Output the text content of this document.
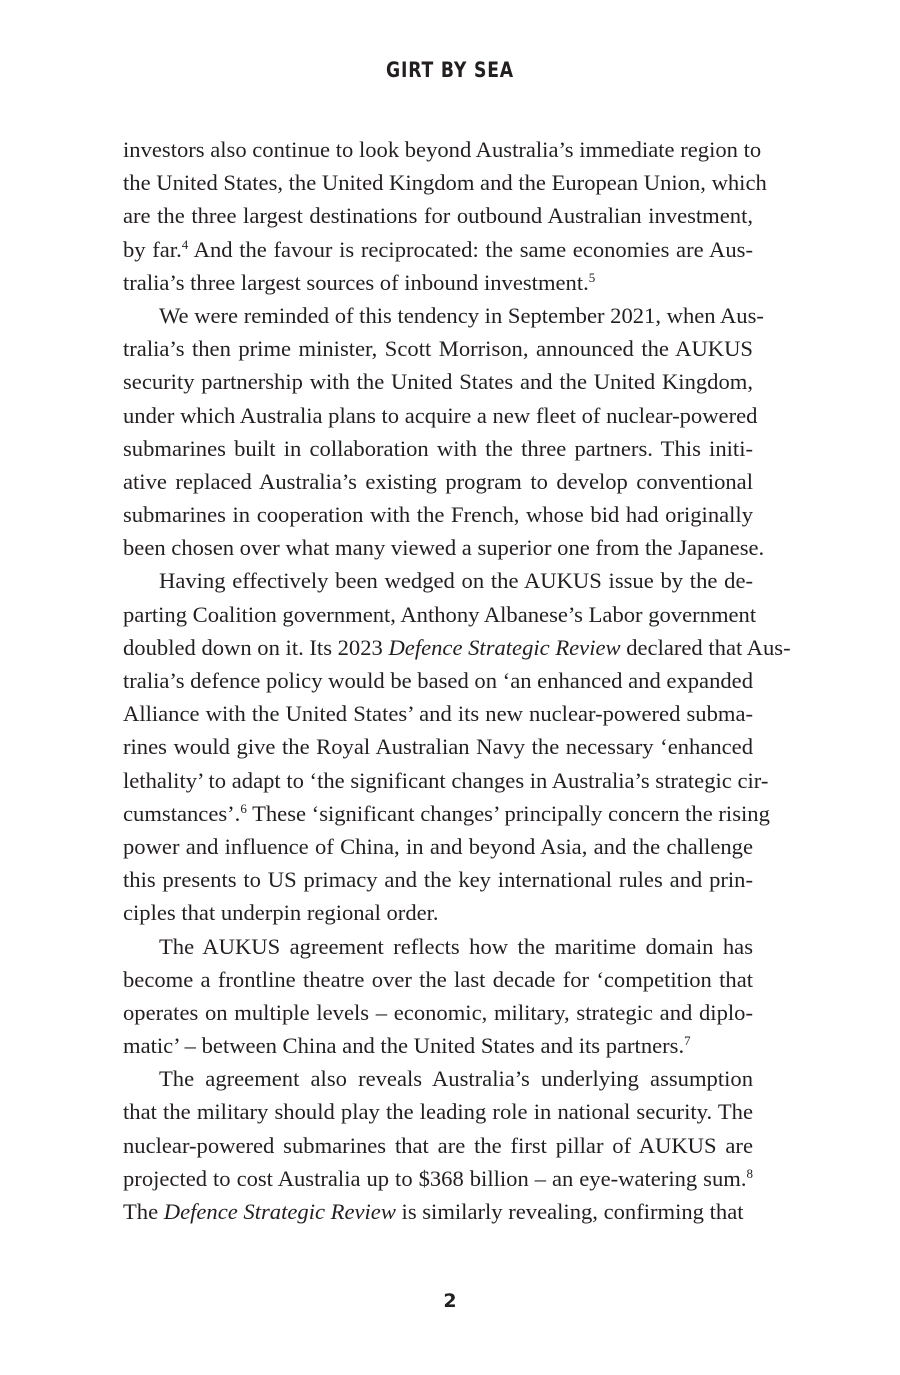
GIRT BY SEA
investors also continue to look beyond Australia’s immediate region to
the United States, the United Kingdom and the European Union, which
are the three largest destinations for outbound Australian investment,
by far.$^4$ And the favour is reciprocated: the same economies are Aus-
tralia’s three largest sources of inbound investment.$^5$
We were reminded of this tendency in September 2021, when Aus-
tralia’s then prime minister, Scott Morrison, announced the AUKUS
security partnership with the United States and the United Kingdom,
under which Australia plans to acquire a new fleet of nuclear-powered
submarines built in collaboration with the three partners. This initi-
ative replaced Australia’s existing program to develop conventional
submarines in cooperation with the French, whose bid had originally
been chosen over what many viewed a superior one from the Japanese.
Having effectively been wedged on the AUKUS issue by the de-
parting Coalition government, Anthony Albanese’s Labor government
doubled down on it. Its 2023 Defence Strategic Review declared that Aus-
tralia’s defence policy would be based on ‘an enhanced and expanded
Alliance with the United States’ and its new nuclear-powered subma-
rines would give the Royal Australian Navy the necessary ‘enhanced
lethality’ to adapt to ‘the significant changes in Australia’s strategic cir-
cumstances’.$^6$ These ‘significant changes’ principally concern the rising
power and influence of China, in and beyond Asia, and the challenge
this presents to US primacy and the key international rules and prin-
ciples that underpin regional order.
The AUKUS agreement reflects how the maritime domain has
become a frontline theatre over the last decade for ‘competition that
operates on multiple levels – economic, military, strategic and diplo-
matic’ – between China and the United States and its partners.$^7$
The agreement also reveals Australia’s underlying assumption
that the military should play the leading role in national security. The
nuclear-powered submarines that are the first pillar of AUKUS are
projected to cost Australia up to $368 billion – an eye-watering sum.$^8$
The Defence Strategic Review is similarly revealing, confirming that
2
